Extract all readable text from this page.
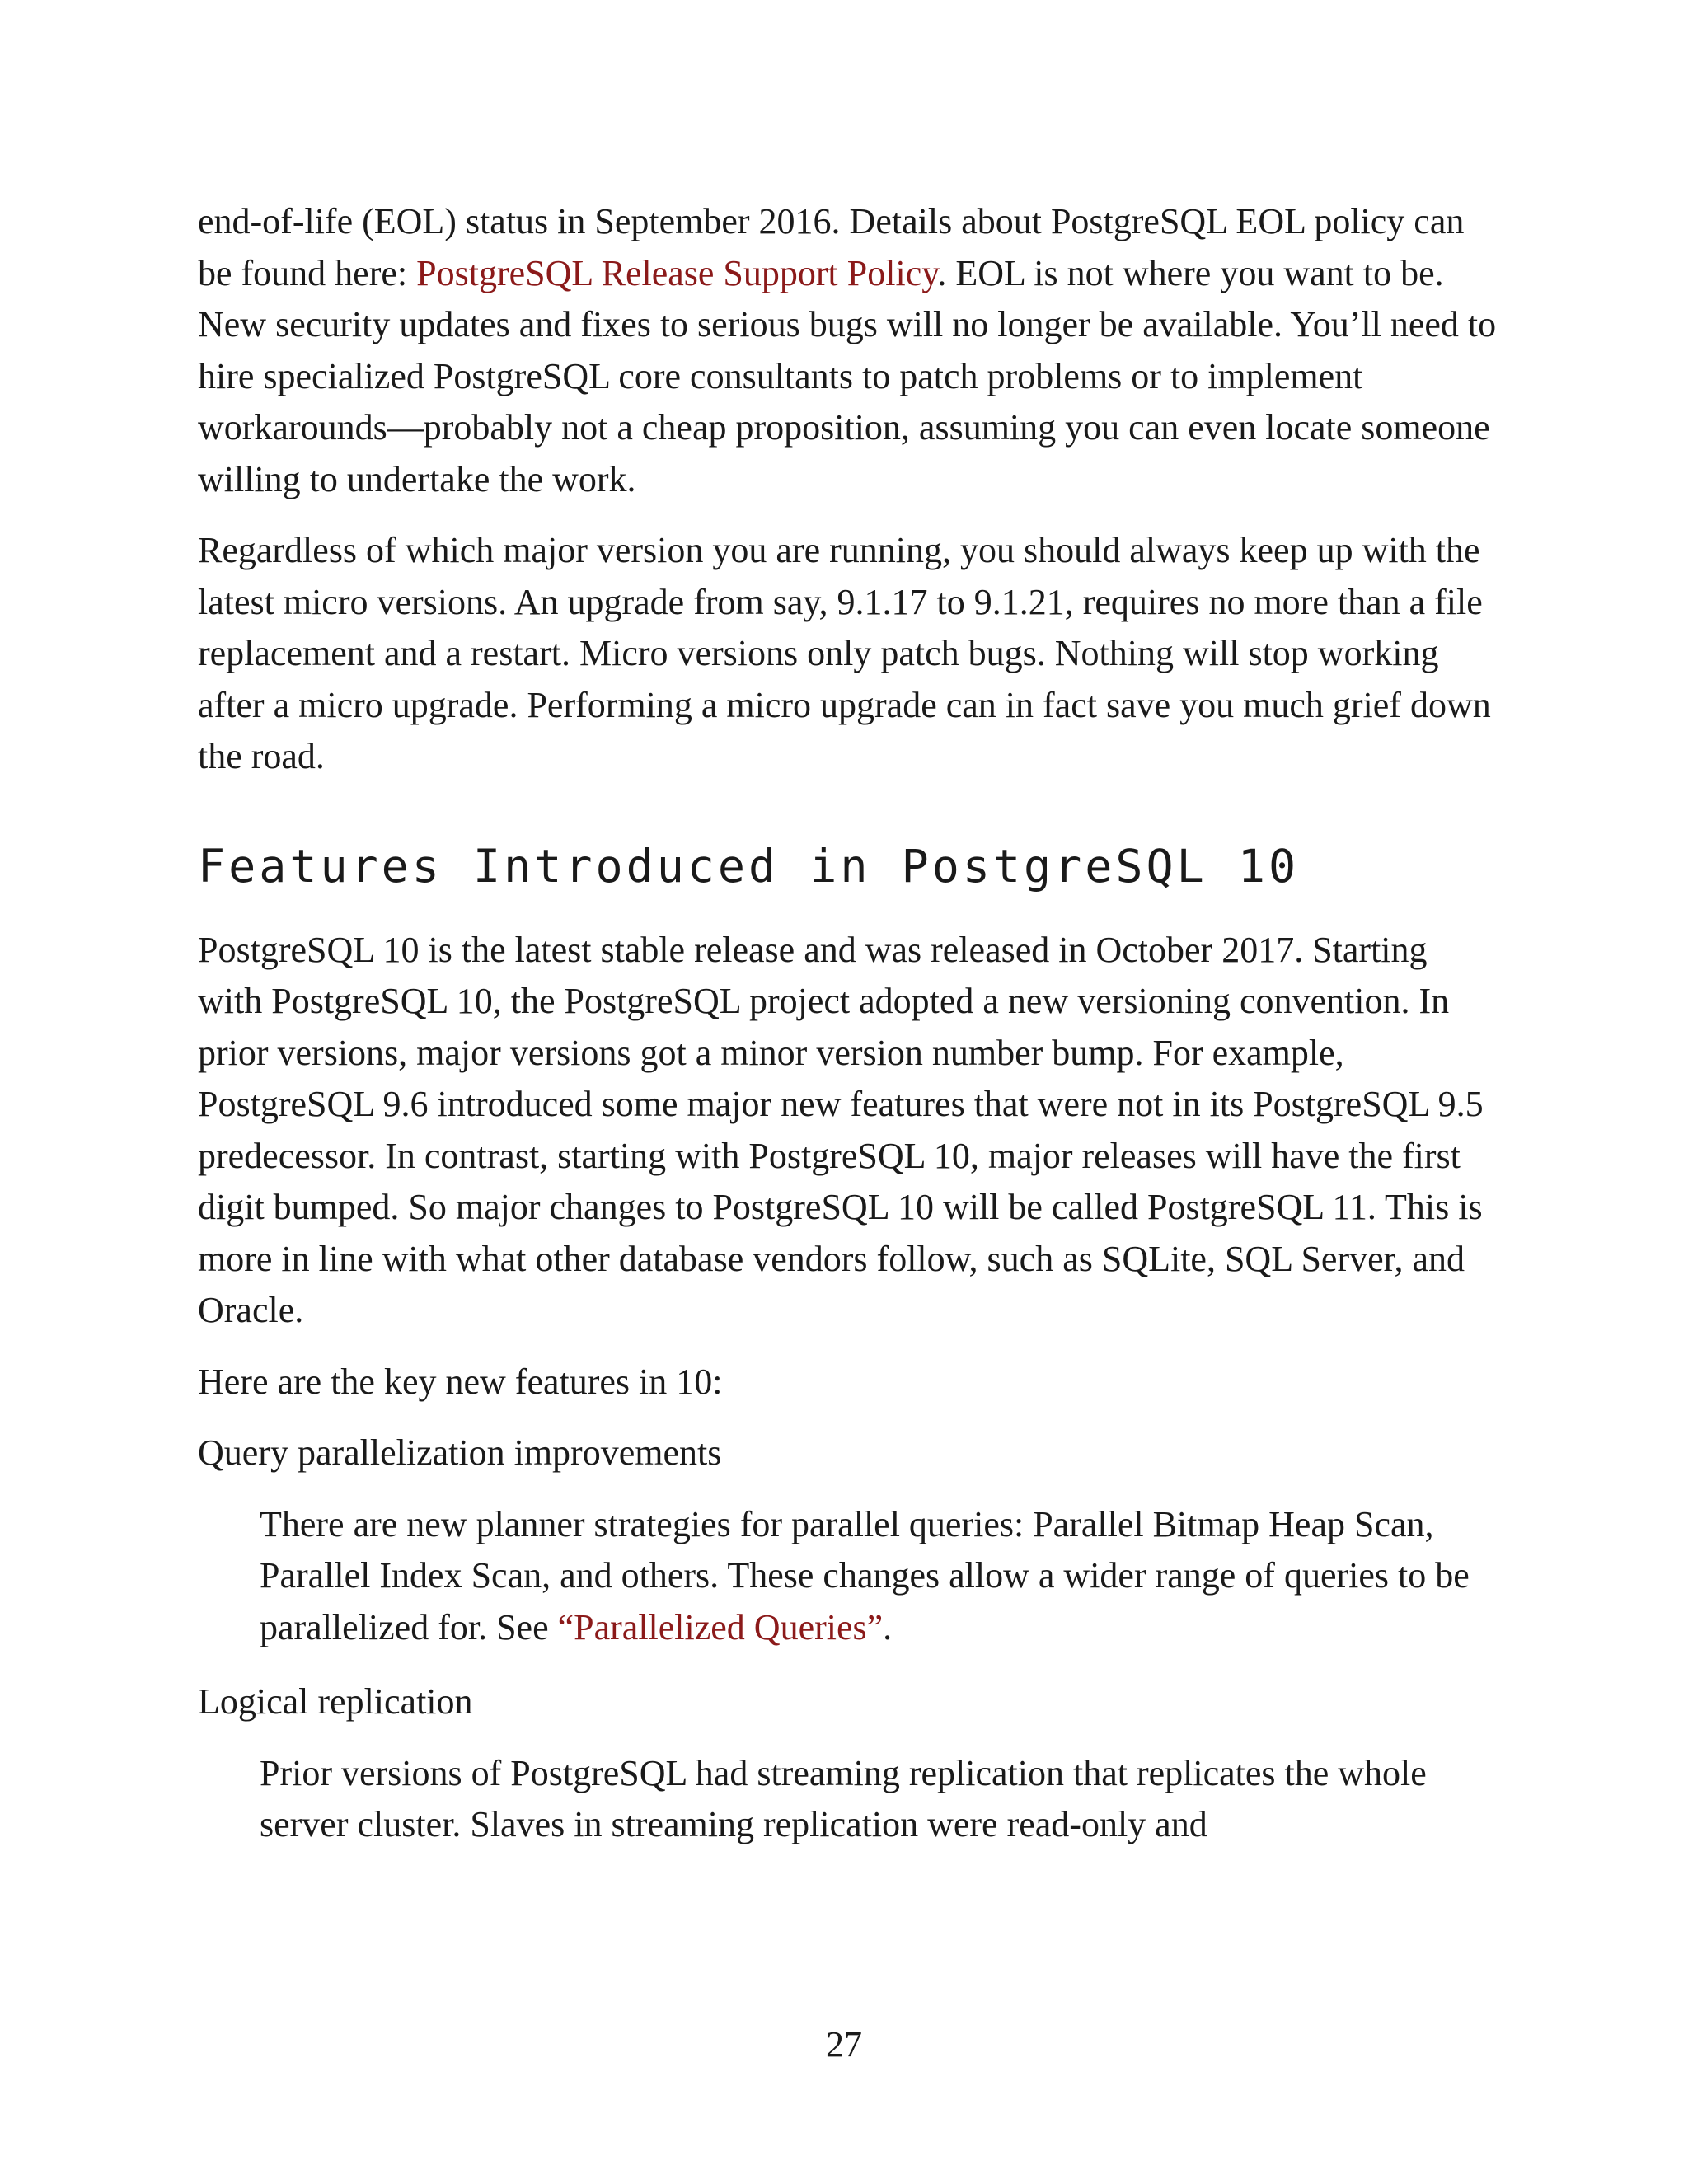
end-of-life (EOL) status in September 2016. Details about PostgreSQL EOL policy can be found here: PostgreSQL Release Support Policy. EOL is not where you want to be. New security updates and fixes to serious bugs will no longer be available. You’ll need to hire specialized PostgreSQL core consultants to patch problems or to implement workarounds—probably not a cheap proposition, assuming you can even locate someone willing to undertake the work.

Regardless of which major version you are running, you should always keep up with the latest micro versions. An upgrade from say, 9.1.17 to 9.1.21, requires no more than a file replacement and a restart. Micro versions only patch bugs. Nothing will stop working after a micro upgrade. Performing a micro upgrade can in fact save you much grief down the road.

Features Introduced in PostgreSQL 10

PostgreSQL 10 is the latest stable release and was released in October 2017. Starting with PostgreSQL 10, the PostgreSQL project adopted a new versioning convention. In prior versions, major versions got a minor version number bump. For example, PostgreSQL 9.6 introduced some major new features that were not in its PostgreSQL 9.5 predecessor. In contrast, starting with PostgreSQL 10, major releases will have the first digit bumped. So major changes to PostgreSQL 10 will be called PostgreSQL 11. This is more in line with what other database vendors follow, such as SQLite, SQL Server, and Oracle.

Here are the key new features in 10:

Query parallelization improvements

There are new planner strategies for parallel queries: Parallel Bitmap Heap Scan, Parallel Index Scan, and others. These changes allow a wider range of queries to be parallelized for. See “Parallelized Queries”.

Logical replication

Prior versions of PostgreSQL had streaming replication that replicates the whole server cluster. Slaves in streaming replication were read-only and

27
